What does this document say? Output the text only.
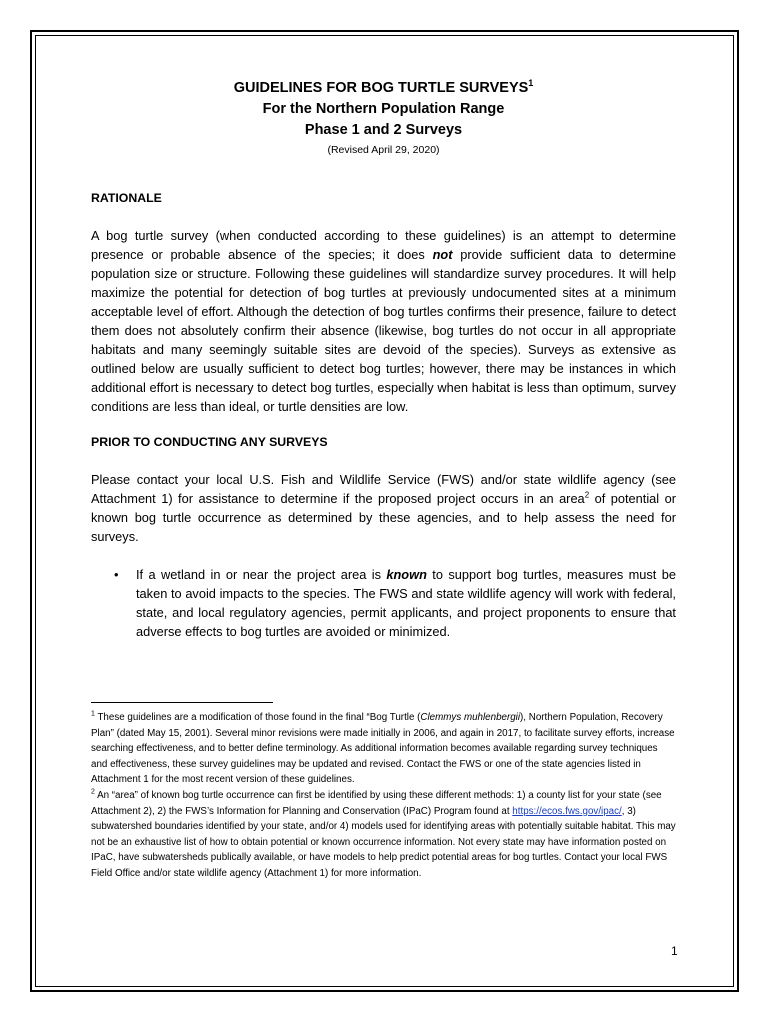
GUIDELINES FOR BOG TURTLE SURVEYS$^1$
For the Northern Population Range
Phase 1 and 2 Surveys
(Revised April 29, 2020)
RATIONALE
A bog turtle survey (when conducted according to these guidelines) is an attempt to determine presence or probable absence of the species; it does not provide sufficient data to determine population size or structure. Following these guidelines will standardize survey procedures. It will help maximize the potential for detection of bog turtles at previously undocumented sites at a minimum acceptable level of effort. Although the detection of bog turtles confirms their presence, failure to detect them does not absolutely confirm their absence (likewise, bog turtles do not occur in all appropriate habitats and many seemingly suitable sites are devoid of the species). Surveys as extensive as outlined below are usually sufficient to detect bog turtles; however, there may be instances in which additional effort is necessary to detect bog turtles, especially when habitat is less than optimum, survey conditions are less than ideal, or turtle densities are low.
PRIOR TO CONDUCTING ANY SURVEYS
Please contact your local U.S. Fish and Wildlife Service (FWS) and/or state wildlife agency (see Attachment 1) for assistance to determine if the proposed project occurs in an area$^2$ of potential or known bog turtle occurrence as determined by these agencies, and to help assess the need for surveys.
•	If a wetland in or near the project area is known to support bog turtles, measures must be taken to avoid impacts to the species. The FWS and state wildlife agency will work with federal, state, and local regulatory agencies, permit applicants, and project proponents to ensure that adverse effects to bog turtles are avoided or minimized.
$^1$ These guidelines are a modification of those found in the final “Bog Turtle (Clemmys muhlenbergii), Northern Population, Recovery Plan” (dated May 15, 2001). Several minor revisions were made initially in 2006, and again in 2017, to facilitate survey efforts, increase searching effectiveness, and to better define terminology. As additional information becomes available regarding survey techniques and effectiveness, these survey guidelines may be updated and revised. Contact the FWS or one of the state agencies listed in Attachment 1 for the most recent version of these guidelines.
$^2$ An “area” of known bog turtle occurrence can first be identified by using these different methods: 1) a county list for your state (see Attachment 2), 2) the FWS’s Information for Planning and Conservation (IPaC) Program found at https://ecos.fws.gov/ipac/, 3) subwatershed boundaries identified by your state, and/or 4) models used for identifying areas with potentially suitable habitat. This may not be an exhaustive list of how to obtain potential or known occurrence information. Not every state may have information posted on IPaC, have subwatersheds publically available, or have models to help predict potential areas for bog turtles. Contact your local FWS Field Office and/or state wildlife agency (Attachment 1) for more information.
1
